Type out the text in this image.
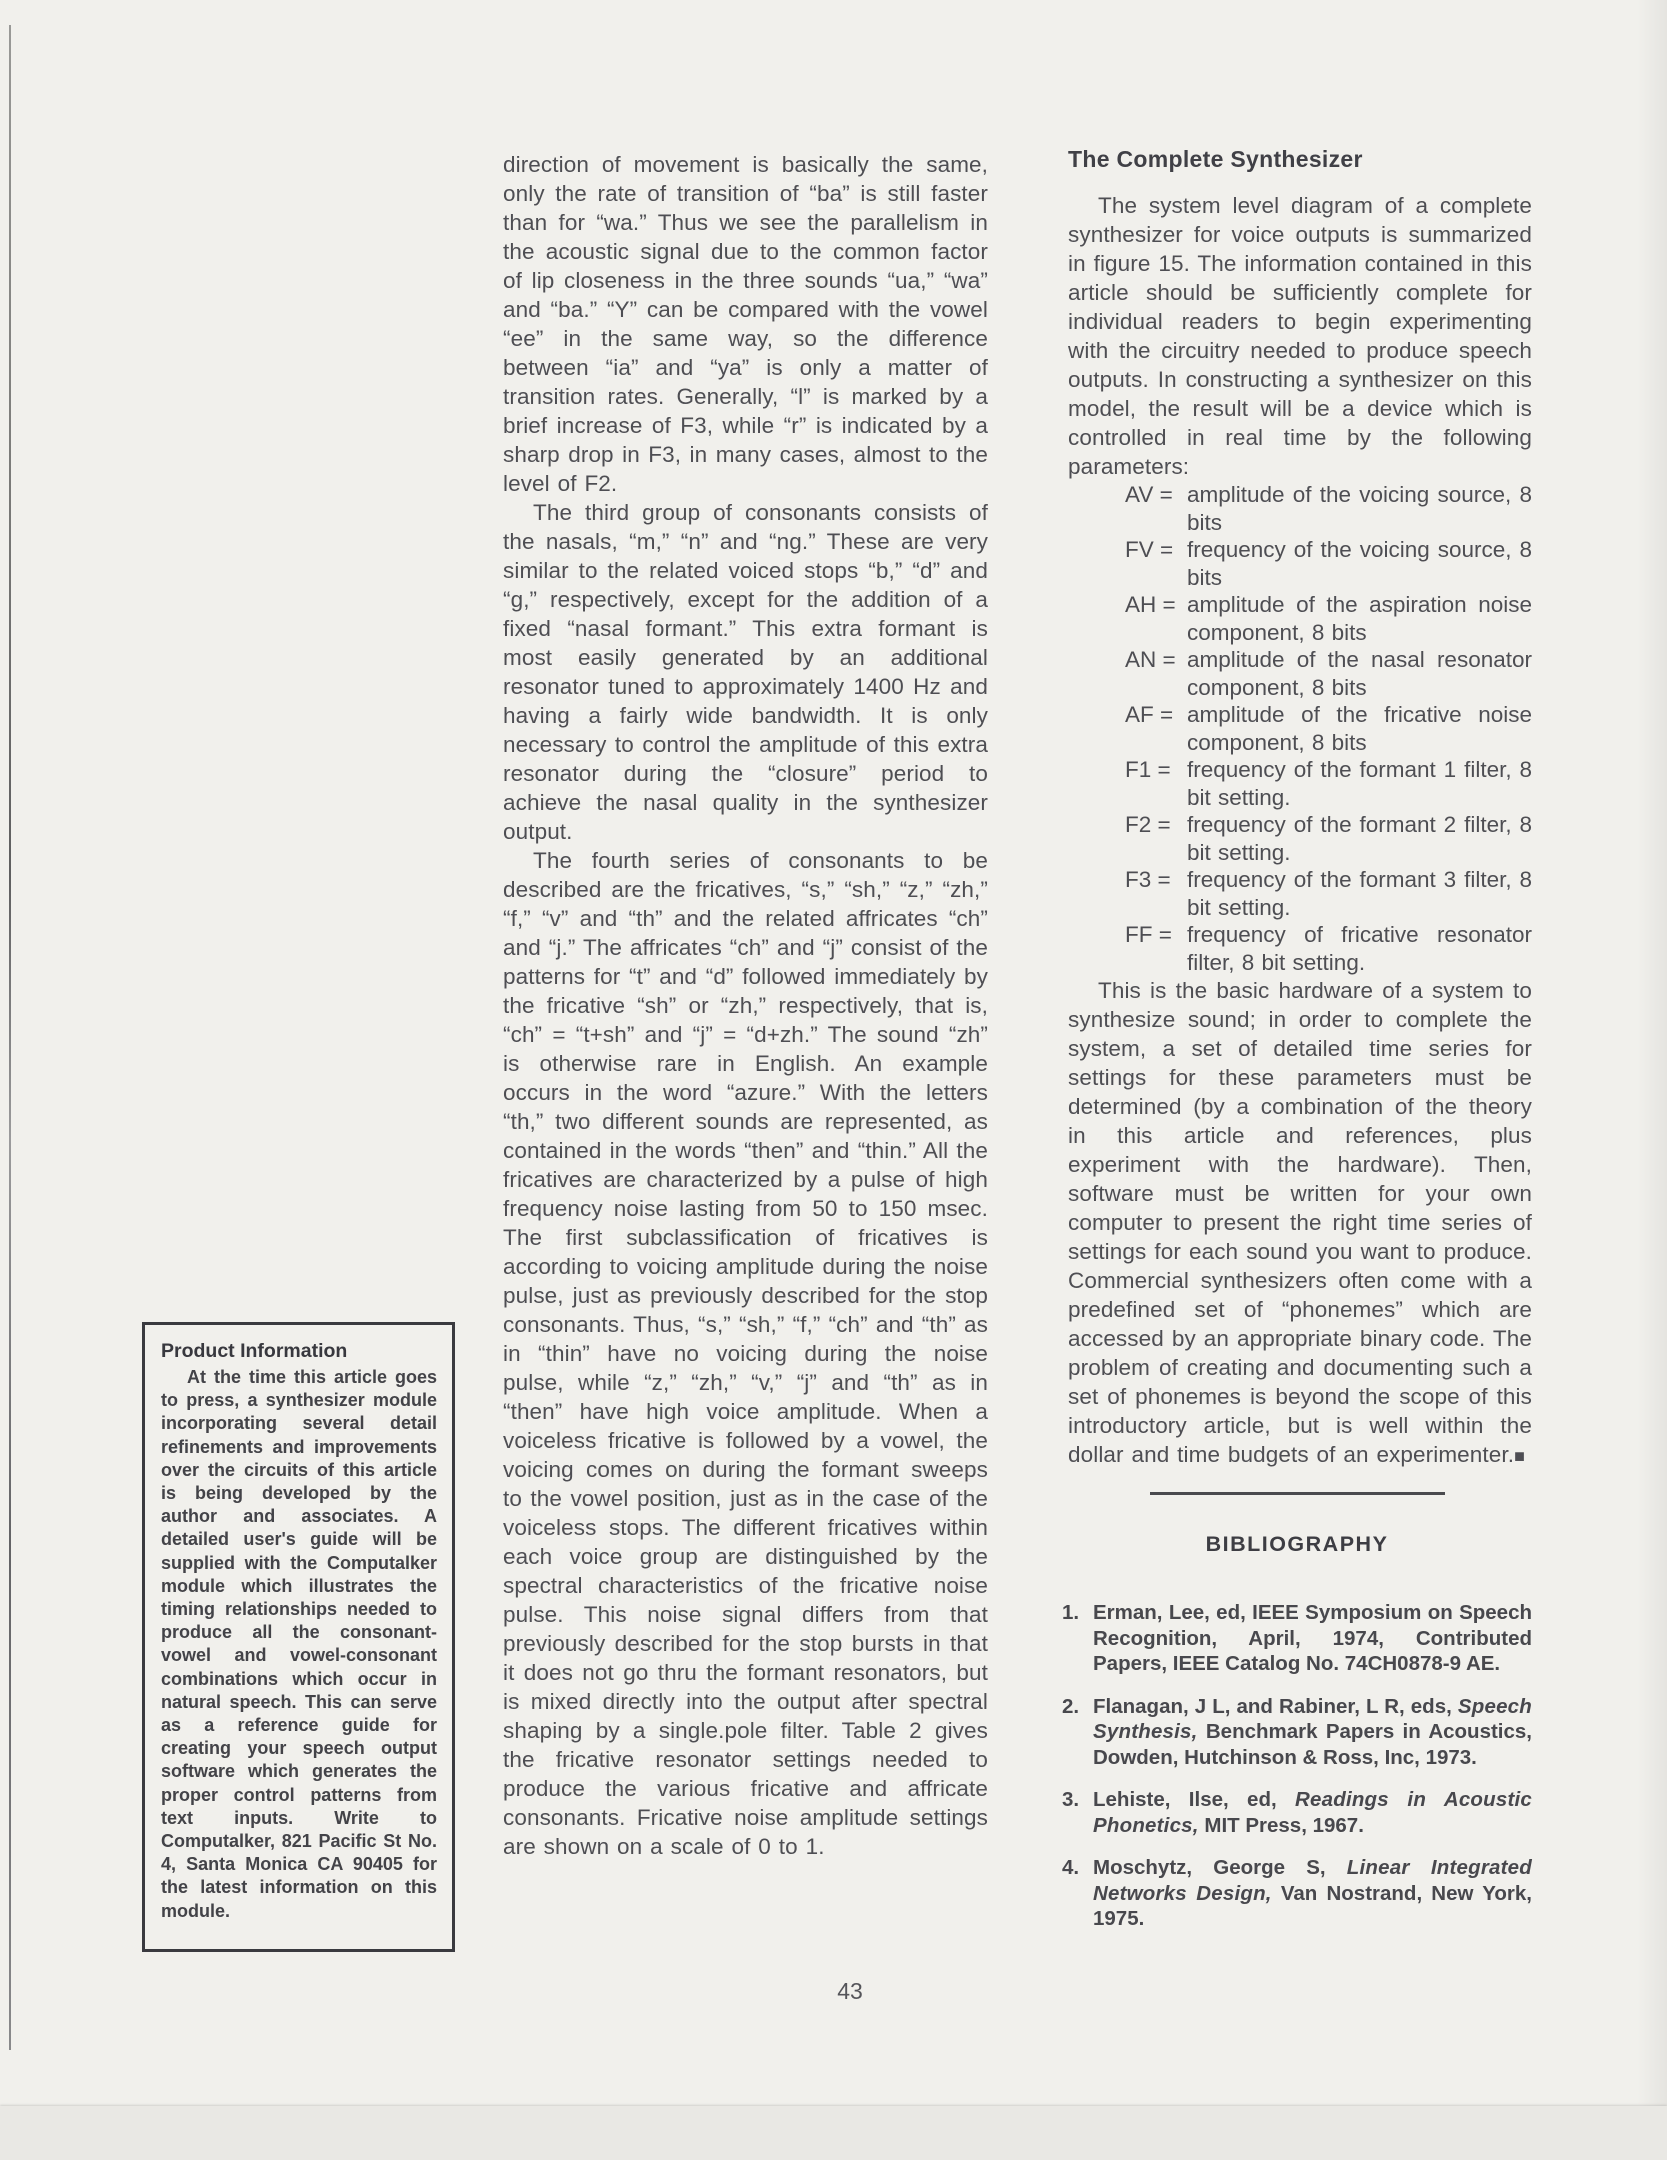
direction of movement is basically the same, only the rate of transition of “ba” is still faster than for “wa.” Thus we see the parallelism in the acoustic signal due to the common factor of lip closeness in the three sounds “ua,” “wa” and “ba.” “Y” can be compared with the vowel “ee” in the same way, so the difference between “ia” and “ya” is only a matter of transition rates. Generally, “l” is marked by a brief increase of F3, while “r” is indicated by a sharp drop in F3, in many cases, almost to the level of F2.

The third group of consonants consists of the nasals, “m,” “n” and “ng.” These are very similar to the related voiced stops “b,” “d” and “g,” respectively, except for the addition of a fixed “nasal formant.” This extra formant is most easily generated by an additional resonator tuned to approximately 1400 Hz and having a fairly wide bandwidth. It is only necessary to control the amplitude of this extra resonator during the “closure” period to achieve the nasal quality in the synthesizer output.

The fourth series of consonants to be described are the fricatives, “s,” “sh,” “z,” “zh,” “f,” “v” and “th” and the related affricates “ch” and “j.” The affricates “ch” and “j” consist of the patterns for “t” and “d” followed immediately by the fricative “sh” or “zh,” respectively, that is, “ch” = “t+sh” and “j” = “d+zh.” The sound “zh” is otherwise rare in English. An example occurs in the word “azure.” With the letters “th,” two different sounds are represented, as contained in the words “then” and “thin.” All the fricatives are characterized by a pulse of high frequency noise lasting from 50 to 150 msec. The first subclassification of fricatives is according to voicing amplitude during the noise pulse, just as previously described for the stop consonants. Thus, “s,” “sh,” “f,” “ch” and “th” as in “thin” have no voicing during the noise pulse, while “z,” “zh,” “v,” “j” and “th” as in “then” have high voice amplitude. When a voiceless fricative is followed by a vowel, the voicing comes on during the formant sweeps to the vowel position, just as in the case of the voiceless stops. The different fricatives within each voice group are distinguished by the spectral characteristics of the fricative noise pulse. This noise signal differs from that previously described for the stop bursts in that it does not go thru the formant resonators, but is mixed directly into the output after spectral shaping by a single.pole filter. Table 2 gives the fricative resonator settings needed to produce the various fricative and affricate consonants. Fricative noise amplitude settings are shown on a scale of 0 to 1.

The Complete Synthesizer

The system level diagram of a complete synthesizer for voice outputs is summarized in figure 15. The information contained in this article should be sufficiently complete for individual readers to begin experimenting with the circuitry needed to produce speech outputs. In constructing a synthesizer on this model, the result will be a device which is controlled in real time by the following parameters:

AV = amplitude of the voicing source, 8 bits
FV = frequency of the voicing source, 8 bits
AH = amplitude of the aspiration noise component, 8 bits
AN = amplitude of the nasal resonator component, 8 bits
AF = amplitude of the fricative noise component, 8 bits
F1 = frequency of the formant 1 filter, 8 bit setting.
F2 = frequency of the formant 2 filter, 8 bit setting.
F3 = frequency of the formant 3 filter, 8 bit setting.
FF = frequency of fricative resonator filter, 8 bit setting.

This is the basic hardware of a system to synthesize sound; in order to complete the system, a set of detailed time series for settings for these parameters must be determined (by a combination of the theory in this article and references, plus experiment with the hardware). Then, software must be written for your own computer to present the right time series of settings for each sound you want to produce. Commercial synthesizers often come with a predefined set of “phonemes” which are accessed by an appropriate binary code. The problem of creating and documenting such a set of phonemes is beyond the scope of this introductory article, but is well within the dollar and time budgets of an experimenter.■

BIBLIOGRAPHY
1. Erman, Lee, ed, IEEE Symposium on Speech Recognition, April, 1974, Contributed Papers, IEEE Catalog No. 74CH0878-9 AE.
2. Flanagan, J L, and Rabiner, L R, eds, Speech Synthesis, Benchmark Papers in Acoustics, Dowden, Hutchinson & Ross, Inc, 1973.
3. Lehiste, Ilse, ed, Readings in Acoustic Phonetics, MIT Press, 1967.
4. Moschytz, George S, Linear Integrated Networks Design, Van Nostrand, New York, 1975.
Product Information

At the time this article goes to press, a synthesizer module incorporating several detail refinements and improvements over the circuits of this article is being developed by the author and associates. A detailed user's guide will be supplied with the Computalker module which illustrates the timing relationships needed to produce all the consonant-vowel and vowel-consonant combinations which occur in natural speech. This can serve as a reference guide for creating your speech output software which generates the proper control patterns from text inputs. Write to Computalker, 821 Pacific St No. 4, Santa Monica CA 90405 for the latest information on this module.

43
